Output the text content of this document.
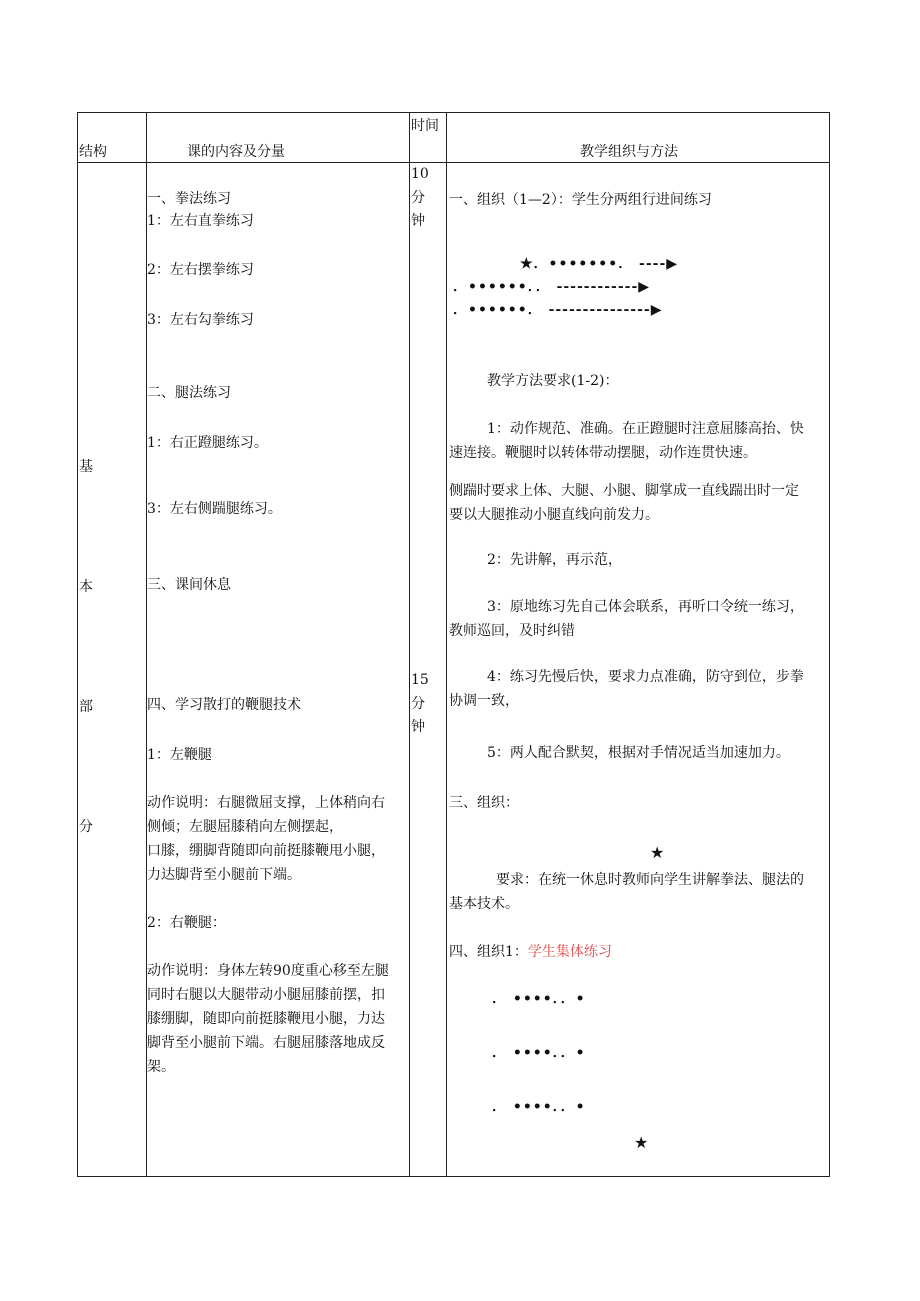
结构	课的内容及分量
时间
教学组织与方法
基
本
部
分
10
分
钟
15
分
钟
一、拳法练习
1：左右直拳练习
2：左右摆拳练习
3：左右勾拳练习
二、腿法练习
1：右正蹬腿练习。
3：左右侧踹腿练习。
三、课间休息
四、学习散打的鞭腿技术
1：左鞭腿
动作说明：右腿微屈支撑，上体稍向右
侧倾；左腿屈膝稍向左侧摆起，
口膝，绷脚背随即向前挺膝鞭甩小腿，
力达脚背至小腿前下端。
2：右鞭腿：
动作说明：身体左转90度重心移至左腿
同时右腿以大腿带动小腿屈膝前摆，扣
膝绷脚，随即向前挺膝鞭甩小腿，力达
脚背至小腿前下端。右腿屈膝落地成反
架。
一、组织（1—2）：学生分两组行进间练习
★．•••••••． ----▶
．••••••．． ------------▶
．••••••． ---------------▶
教学方法要求(1-2)：
1：动作规范、准确。在正蹬腿时注意屈膝高抬、快
速连接。鞭腿时以转体带动摆腿，动作连贯快速。
侧踹时要求上体、大腿、小腿、脚掌成一直线踹出时一定
要以大腿推动小腿直线向前发力。
2：先讲解，再示范，
3：原地练习先自己体会联系，再听口令统一练习，
教师巡回，及时纠错
4：练习先慢后快，要求力点准确，防守到位，步拳
协调一致，
5：两人配合默契，根据对手情况适当加速加力。
三、组织：
★
要求：在统一休息时教师向学生讲解拳法、腿法的
基本技术。
四、组织1：学生集体练习
． ••••．．•
． ••••．．•
． ••••．．•
★
